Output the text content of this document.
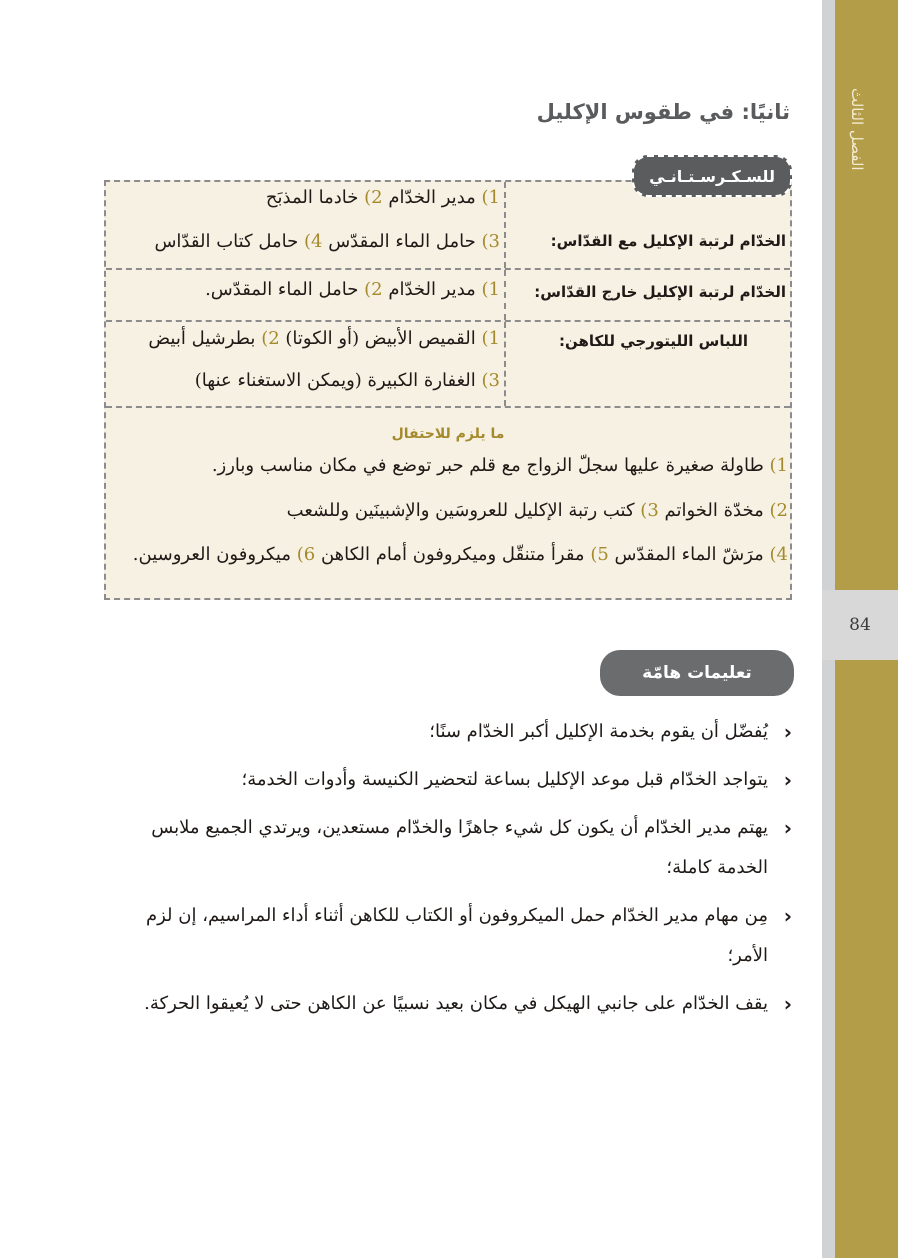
الفصل الثالث
84
ثانيًا: في طقوس الإكليل
الخدّام لرتبة الإكليل مع القدّاس:
1) مدير الخدّام 2) خادما المذبَح
3) حامل الماء المقدّس 4) حامل كتاب القدّاس
الخدّام لرتبة الإكليل خارج القدّاس:
1) مدير الخدّام 2) حامل الماء المقدّس.
اللباس الليتورجي للكاهن:
1) القميص الأبيض (أو الكوتا) 2) بطرشيل أبيض
3) الغفارة الكبيرة (ويمكن الاستغناء عنها)
ما يلزم للاحتفال
1) طاولة صغيرة عليها سجلّ الزواج مع قلم حبر توضع في مكان مناسب وبارز.
2) مخدّة الخواتم 3) كتب رتبة الإكليل للعروسَين والإشبينَين وللشعب
4) مرَشّ الماء المقدّس 5) مقرأ متنقّل وميكروفون أمام الكاهن 6) ميكروفون العروسين.
للسـكـرسـتـانـي
تعليمات هامّة
‹
يُفضّل أن يقوم بخدمة الإكليل أكبر الخدّام سنًا؛
‹
يتواجد الخدّام قبل موعد الإكليل بساعة لتحضير الكنيسة وأدوات الخدمة؛
‹
يهتم مدير الخدّام أن يكون كل شيء جاهزًا والخدّام مستعدين، ويرتدي الجميع ملابس الخدمة كاملة؛
‹
مِن مهام مدير الخدّام حمل الميكروفون أو الكتاب للكاهن أثناء أداء المراسيم، إن لزم الأمر؛
‹
يقف الخدّام على جانبي الهيكل في مكان بعيد نسبيًا عن الكاهن حتى لا يُعيقوا الحركة.
